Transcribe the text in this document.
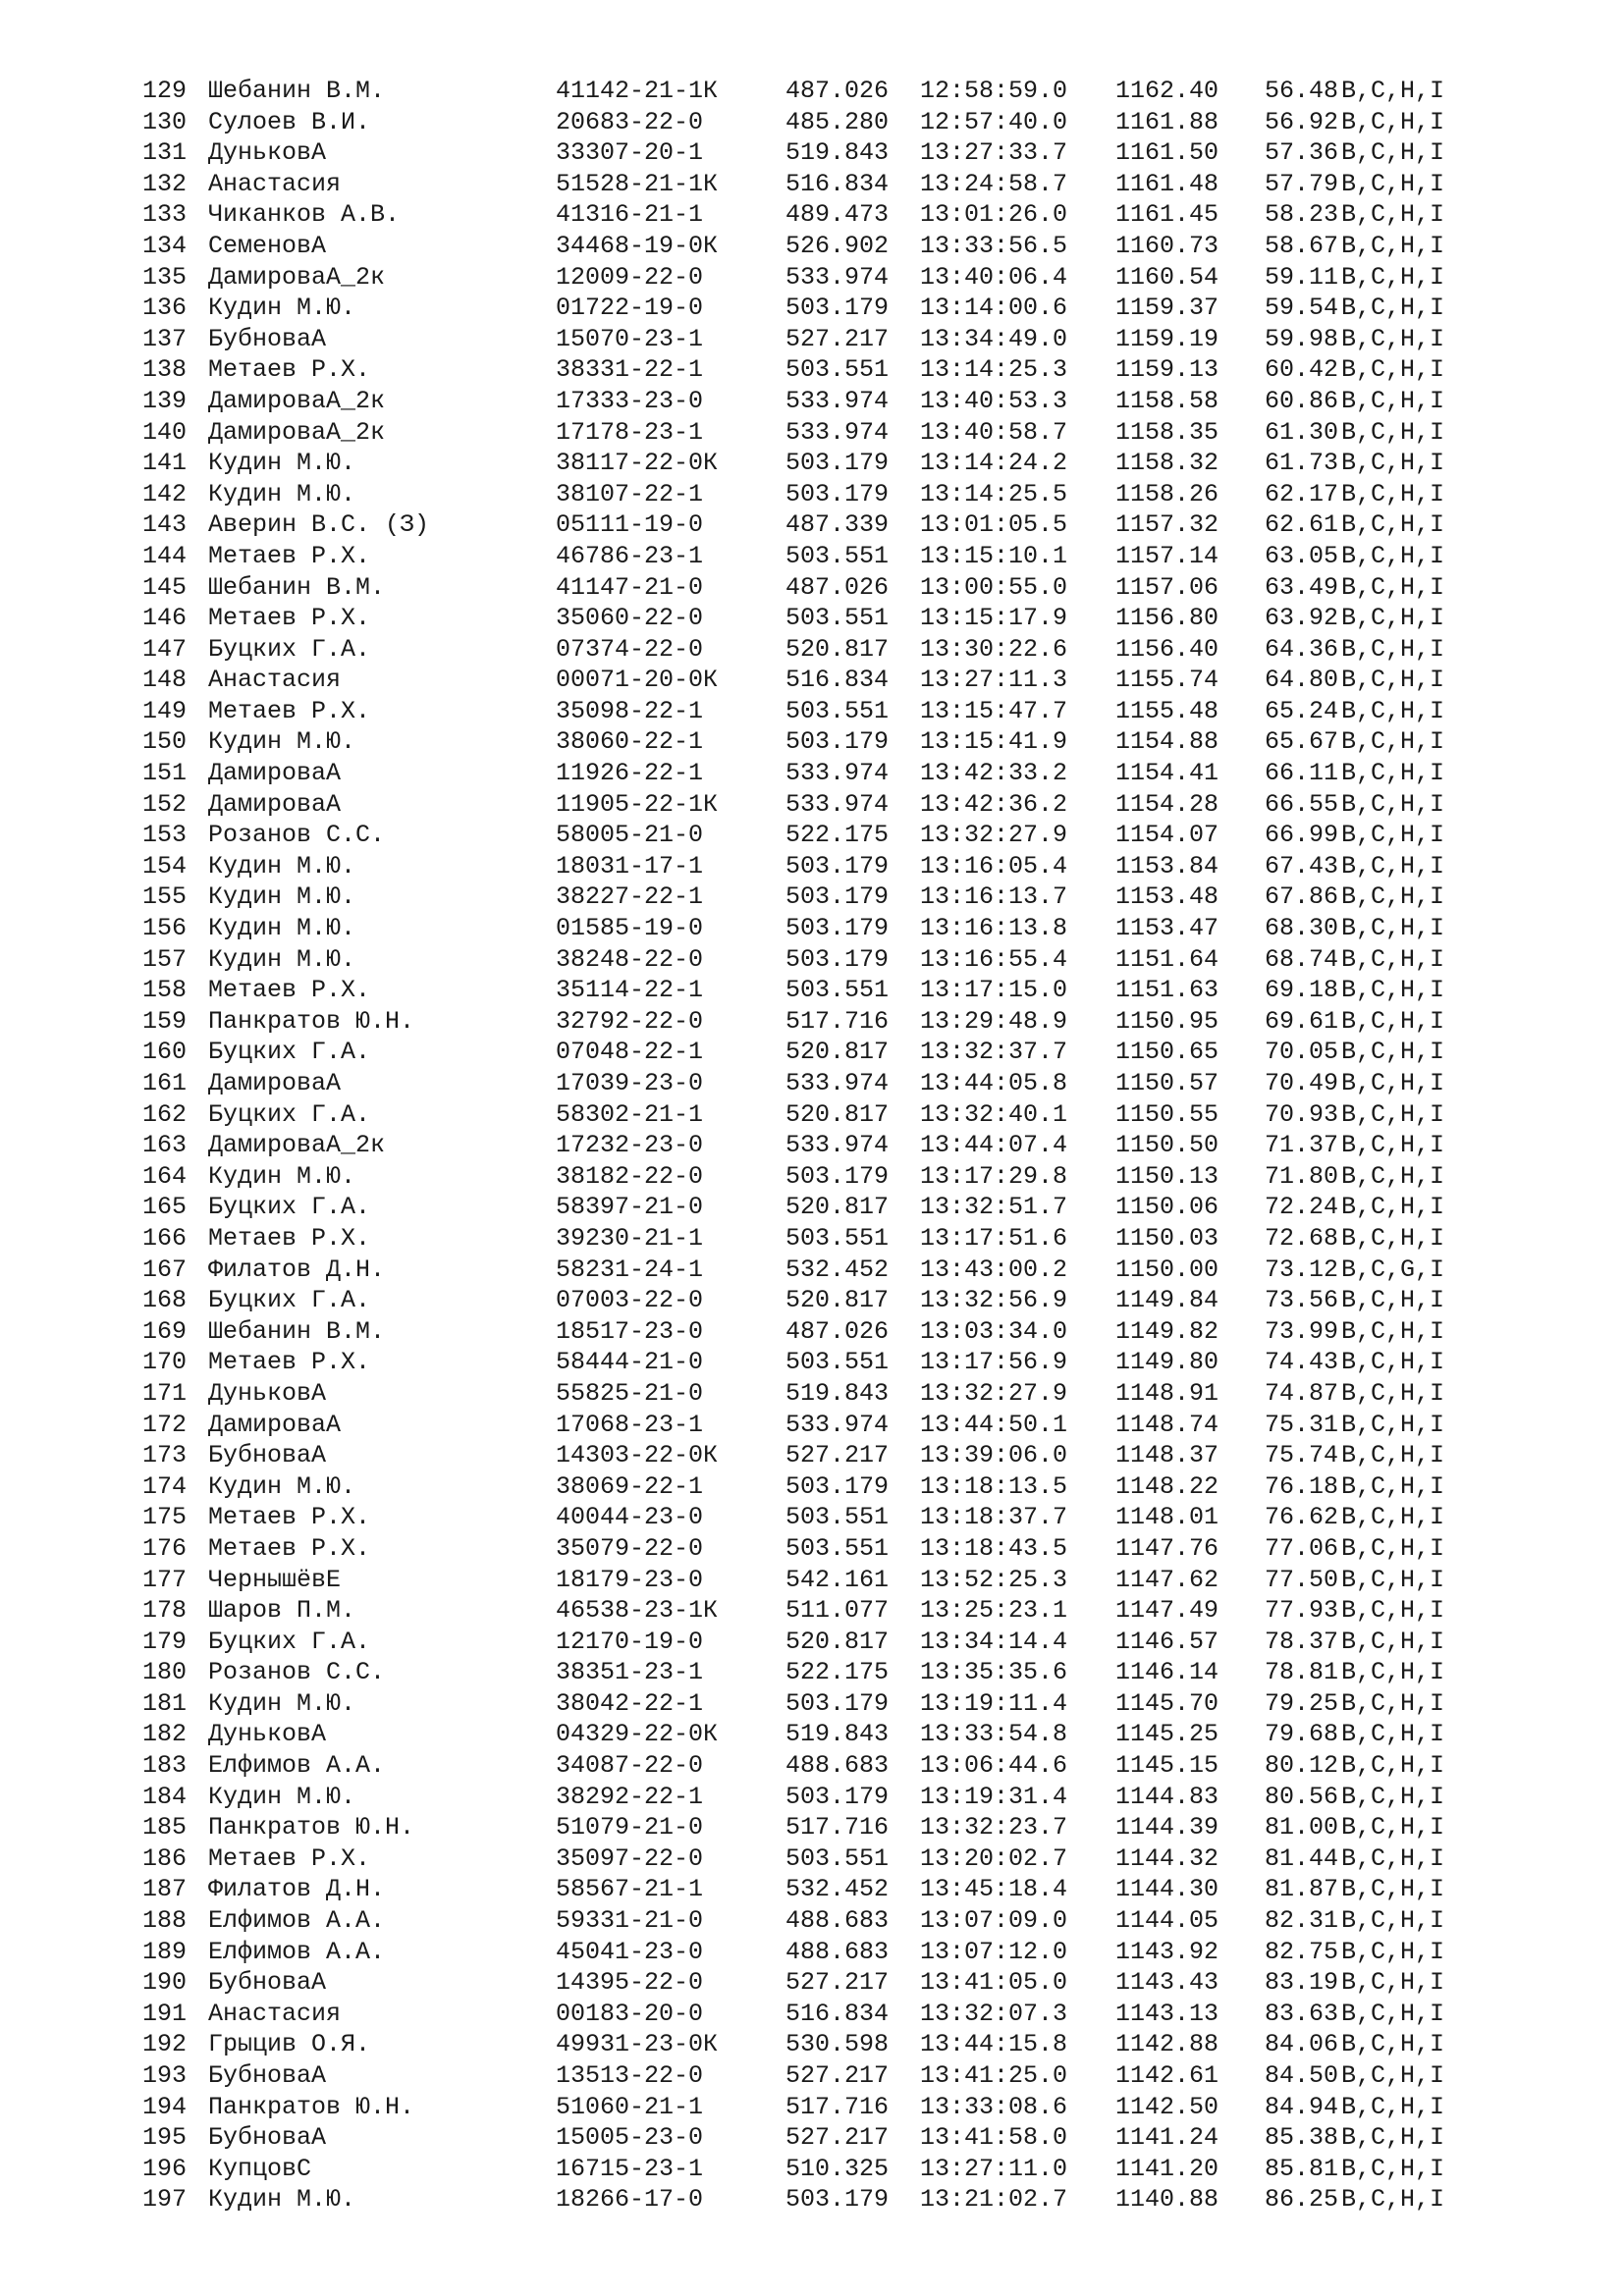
129 Шебанин В.М.	41142-21-1К	487.026 12:58:59.0 1162.40 56.48 B,C,H,I
130 Сулоев В.И.	20683-22-0	485.280 12:57:40.0 1161.88 56.92 B,C,H,I
131 ДуньковА	33307-20-1	519.843 13:27:33.7 1161.50 57.36 B,C,H,I
132 Анастасия	51528-21-1К	516.834 13:24:58.7 1161.48 57.79 B,C,H,I
133 Чиканков А.В.	41316-21-1	489.473 13:01:26.0 1161.45 58.23 B,C,H,I
134 СеменовА	34468-19-0К	526.902 13:33:56.5 1160.73 58.67 B,C,H,I
135 ДамироваА_2к	12009-22-0	533.974 13:40:06.4 1160.54 59.11 B,C,H,I
136 Кудин М.Ю.	01722-19-0	503.179 13:14:00.6 1159.37 59.54 B,C,H,I
137 БубноваА	15070-23-1	527.217 13:34:49.0 1159.19 59.98 B,C,H,I
138 Метаев Р.Х.	38331-22-1	503.551 13:14:25.3 1159.13 60.42 B,C,H,I
139 ДамироваА_2к	17333-23-0	533.974 13:40:53.3 1158.58 60.86 B,C,H,I
140 ДамироваА_2к	17178-23-1	533.974 13:40:58.7 1158.35 61.30 B,C,H,I
141 Кудин М.Ю.	38117-22-0К	503.179 13:14:24.2 1158.32 61.73 B,C,H,I
142 Кудин М.Ю.	38107-22-1	503.179 13:14:25.5 1158.26 62.17 B,C,H,I
143 Аверин В.С. (З)	05111-19-0	487.339 13:01:05.5 1157.32 62.61 B,C,H,I
144 Метаев Р.Х.	46786-23-1	503.551 13:15:10.1 1157.14 63.05 B,C,H,I
145 Шебанин В.М.	41147-21-0	487.026 13:00:55.0 1157.06 63.49 B,C,H,I
146 Метаев Р.Х.	35060-22-0	503.551 13:15:17.9 1156.80 63.92 B,C,H,I
147 Буцких Г.А.	07374-22-0	520.817 13:30:22.6 1156.40 64.36 B,C,H,I
148 Анастасия	00071-20-0К	516.834 13:27:11.3 1155.74 64.80 B,C,H,I
149 Метаев Р.Х.	35098-22-1	503.551 13:15:47.7 1155.48 65.24 B,C,H,I
150 Кудин М.Ю.	38060-22-1	503.179 13:15:41.9 1154.88 65.67 B,C,H,I
151 ДамироваА	11926-22-1	533.974 13:42:33.2 1154.41 66.11 B,C,H,I
152 ДамироваА	11905-22-1К	533.974 13:42:36.2 1154.28 66.55 B,C,H,I
153 Розанов С.С.	58005-21-0	522.175 13:32:27.9 1154.07 66.99 B,C,H,I
154 Кудин М.Ю.	18031-17-1	503.179 13:16:05.4 1153.84 67.43 B,C,H,I
155 Кудин М.Ю.	38227-22-1	503.179 13:16:13.7 1153.48 67.86 B,C,H,I
156 Кудин М.Ю.	01585-19-0	503.179 13:16:13.8 1153.47 68.30 B,C,H,I
157 Кудин М.Ю.	38248-22-0	503.179 13:16:55.4 1151.64 68.74 B,C,H,I
158 Метаев Р.Х.	35114-22-1	503.551 13:17:15.0 1151.63 69.18 B,C,H,I
159 Панкратов Ю.Н.	32792-22-0	517.716 13:29:48.9 1150.95 69.61 B,C,H,I
160 Буцких Г.А.	07048-22-1	520.817 13:32:37.7 1150.65 70.05 B,C,H,I
161 ДамироваА	17039-23-0	533.974 13:44:05.8 1150.57 70.49 B,C,H,I
162 Буцких Г.А.	58302-21-1	520.817 13:32:40.1 1150.55 70.93 B,C,H,I
163 ДамироваА_2к	17232-23-0	533.974 13:44:07.4 1150.50 71.37 B,C,H,I
164 Кудин М.Ю.	38182-22-0	503.179 13:17:29.8 1150.13 71.80 B,C,H,I
165 Буцких Г.А.	58397-21-0	520.817 13:32:51.7 1150.06 72.24 B,C,H,I
166 Метаев Р.Х.	39230-21-1	503.551 13:17:51.6 1150.03 72.68 B,C,H,I
167 Филатов Д.Н.	58231-24-1	532.452 13:43:00.2 1150.00 73.12 B,C,G,I
168 Буцких Г.А.	07003-22-0	520.817 13:32:56.9 1149.84 73.56 B,C,H,I
169 Шебанин В.М.	18517-23-0	487.026 13:03:34.0 1149.82 73.99 B,C,H,I
170 Метаев Р.Х.	58444-21-0	503.551 13:17:56.9 1149.80 74.43 B,C,H,I
171 ДуньковА	55825-21-0	519.843 13:32:27.9 1148.91 74.87 B,C,H,I
172 ДамироваА	17068-23-1	533.974 13:44:50.1 1148.74 75.31 B,C,H,I
173 БубноваА	14303-22-0К	527.217 13:39:06.0 1148.37 75.74 B,C,H,I
174 Кудин М.Ю.	38069-22-1	503.179 13:18:13.5 1148.22 76.18 B,C,H,I
175 Метаев Р.Х.	40044-23-0	503.551 13:18:37.7 1148.01 76.62 B,C,H,I
176 Метаев Р.Х.	35079-22-0	503.551 13:18:43.5 1147.76 77.06 B,C,H,I
177 ЧернышёвЕ	18179-23-0	542.161 13:52:25.3 1147.62 77.50 B,C,H,I
178 Шаров П.М.	46538-23-1К	511.077 13:25:23.1 1147.49 77.93 B,C,H,I
179 Буцких Г.А.	12170-19-0	520.817 13:34:14.4 1146.57 78.37 B,C,H,I
180 Розанов С.С.	38351-23-1	522.175 13:35:35.6 1146.14 78.81 B,C,H,I
181 Кудин М.Ю.	38042-22-1	503.179 13:19:11.4 1145.70 79.25 B,C,H,I
182 ДуньковА	04329-22-0К	519.843 13:33:54.8 1145.25 79.68 B,C,H,I
183 Елфимов А.А.	34087-22-0	488.683 13:06:44.6 1145.15 80.12 B,C,H,I
184 Кудин М.Ю.	38292-22-1	503.179 13:19:31.4 1144.83 80.56 B,C,H,I
185 Панкратов Ю.Н.	51079-21-0	517.716 13:32:23.7 1144.39 81.00 B,C,H,I
186 Метаев Р.Х.	35097-22-0	503.551 13:20:02.7 1144.32 81.44 B,C,H,I
187 Филатов Д.Н.	58567-21-1	532.452 13:45:18.4 1144.30 81.87 B,C,H,I
188 Елфимов А.А.	59331-21-0	488.683 13:07:09.0 1144.05 82.31 B,C,H,I
189 Елфимов А.А.	45041-23-0	488.683 13:07:12.0 1143.92 82.75 B,C,H,I
190 БубноваА	14395-22-0	527.217 13:41:05.0 1143.43 83.19 B,C,H,I
191 Анастасия	00183-20-0	516.834 13:32:07.3 1143.13 83.63 B,C,H,I
192 Грыцив О.Я.	49931-23-0К	530.598 13:44:15.8 1142.88 84.06 B,C,H,I
193 БубноваА	13513-22-0	527.217 13:41:25.0 1142.61 84.50 B,C,H,I
194 Панкратов Ю.Н.	51060-21-1	517.716 13:33:08.6 1142.50 84.94 B,C,H,I
195 БубноваА	15005-23-0	527.217 13:41:58.0 1141.24 85.38 B,C,H,I
196 КупцовС	16715-23-1	510.325 13:27:11.0 1141.20 85.81 B,C,H,I
197 Кудин М.Ю.	18266-17-0	503.179 13:21:02.7 1140.88 86.25 B,C,H,I
